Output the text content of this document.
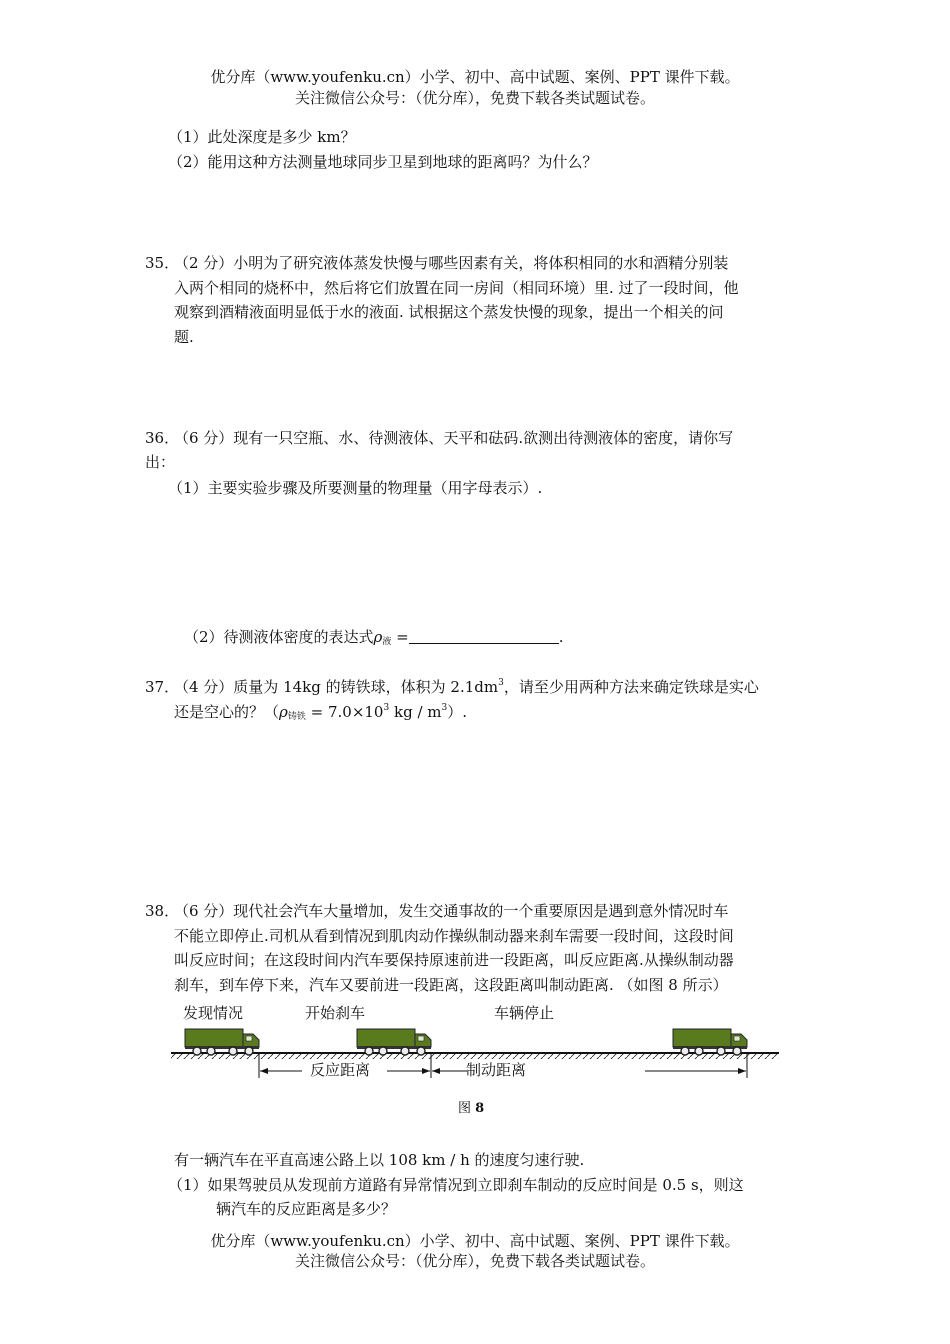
优分库（www.youfenku.cn）小学、初中、高中试题、案例、PPT 课件下载。
关注微信公众号：（优分库），免费下载各类试题试卷。
（1）此处深度是多少 km？
（2）能用这种方法测量地球同步卫星到地球的距离吗？为什么？
35．
（2 分）小明为了研究液体蒸发快慢与哪些因素有关，将体积相同的水和酒精分别装
入两个相同的烧杯中，然后将它们放置在同一房间（相同环境）里. 过了一段时间，他
观察到酒精液面明显低于水的液面. 试根据这个蒸发快慢的现象，提出一个相关的问
题.
36．
（6 分）现有一只空瓶、水、待测液体、天平和砝码.欲测出待测液体的密度，请你写
出：
（1）主要实验步骤及所要测量的物理量（用字母表示）.
（2）待测液体密度的表达式$\rho_液$ =	.
37．
（4 分）质量为 14kg 的铸铁球，体积为 $2.1dm^3$，请至少用两种方法来确定铁球是实心
还是空心的？（$\rho_{铸铁} = 7.0\times 10^3$ kg / $m^3$）.
38．
（6 分）现代社会汽车大量增加，发生交通事故的一个重要原因是遇到意外情况时车
不能立即停止.司机从看到情况到肌肉动作操纵制动器来刹车需要一段时间，这段时间
叫反应时间；在这段时间内汽车要保持原速前进一段距离，叫反应距离.从操纵制动器
刹车，到车停下来，汽车又要前进一段距离，这段距离叫制动距离. （如图 8 所示）
发现情况	开始刹车	车辆停止
反应距离	制动距离
图 8
有一辆汽车在平直高速公路上以 108 km / h 的速度匀速行驶.
（1）如果驾驶员从发现前方道路有异常情况到立即刹车制动的反应时间是 0.5 s，则这
辆汽车的反应距离是多少？
优分库（www.youfenku.cn）小学、初中、高中试题、案例、PPT 课件下载。
关注微信公众号：（优分库），免费下载各类试题试卷。
